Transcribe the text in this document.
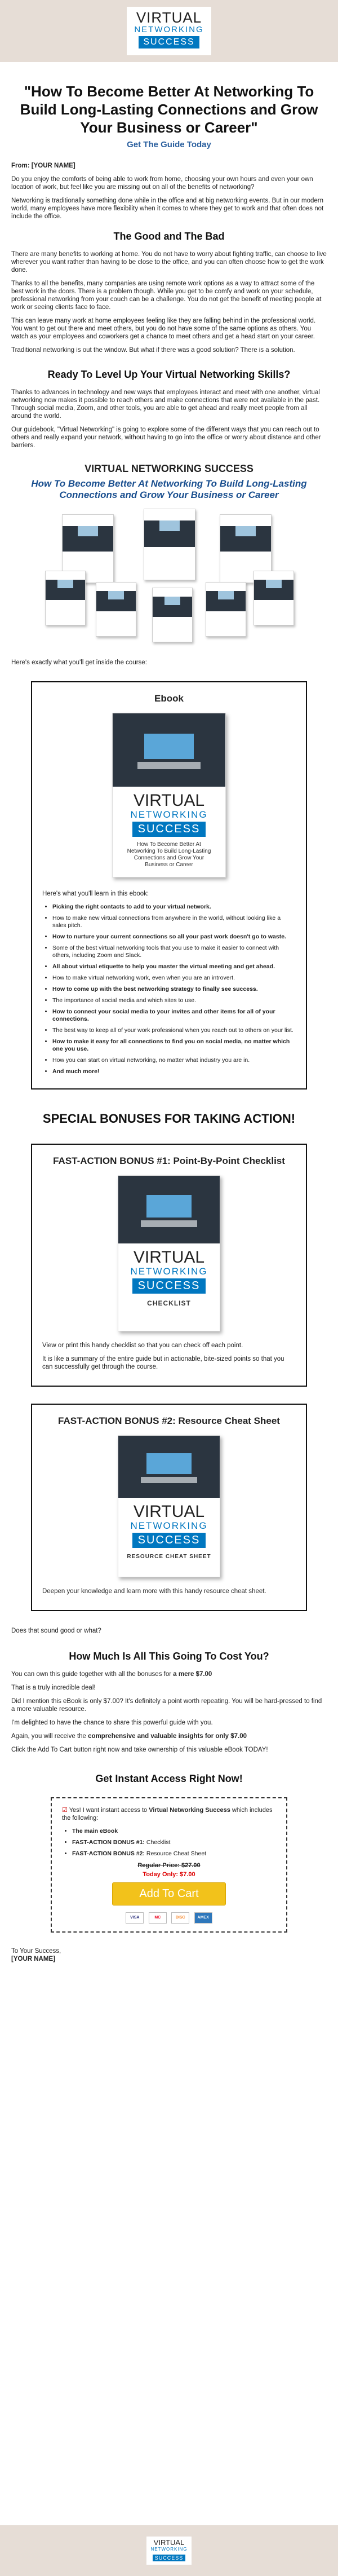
VIRTUAL
NETWORKING
SUCCESS
"How To Become Better At Networking To Build Long-Lasting Connections and Grow Your Business or Career"
Get The Guide Today

From: [YOUR NAME]

Do you enjoy the comforts of being able to work from home, choosing your own hours and even your own location of work, but feel like you are missing out on all of the benefits of networking?

Networking is traditionally something done while in the office and at big networking events. But in our modern world, many employees have more flexibility when it comes to where they get to work and that often does not include the office.

The Good and The Bad

There are many benefits to working at home. You do not have to worry about fighting traffic, can choose to live wherever you want rather than having to be close to the office, and you can often choose how to get the work done.

Thanks to all the benefits, many companies are using remote work options as a way to attract some of the best work in the doors. There is a problem though. While you get to be comfy and work on your schedule, professional networking from your couch can be a challenge. You do not get the benefit of meeting people at work or seeing clients face to face.

This can leave many work at home employees feeling like they are falling behind in the professional world. You want to get out there and meet others, but you do not have some of the same options as others. You watch as your employees and coworkers get a chance to meet others and get a head start on your career.

Traditional networking is out the window. But what if there was a good solution? There is a solution.

Ready To Level Up Your Virtual Networking Skills?

Thanks to advances in technology and new ways that employees interact and meet with one another, virtual networking now makes it possible to reach others and make connections that were not available in the past. Through social media, Zoom, and other tools, you are able to get ahead and really meet people from all around the world.

Our guidebook, "Virtual Networking" is going to explore some of the different ways that you can reach out to others and really expand your network, without having to go into the office or worry about distance and other barriers.

VIRTUAL NETWORKING SUCCESS
How To Become Better At Networking To Build Long-Lasting Connections and Grow Your Business or Career

Here's exactly what you'll get inside the course:

Ebook
VIRTUAL
NETWORKING
SUCCESS
How To Become Better At Networking To Build Long-Lasting Connections and Grow Your Business or Career

Here's what you'll learn in this ebook:

• Picking the right contacts to add to your virtual network.
• How to make new virtual connections from anywhere in the world, without looking like a sales pitch.
• How to nurture your current connections so all your past work doesn't go to waste.
• Some of the best virtual networking tools that you use to make it easier to connect with others, including Zoom and Slack.
• All about virtual etiquette to help you master the virtual meeting and get ahead.
• How to make virtual networking work, even when you are an introvert.
• How to come up with the best networking strategy to finally see success.
• The importance of social media and which sites to use.
• How to connect your social media to your invites and other items for all of your connections.
• The best way to keep all of your work professional when you reach out to others on your list.
• How to make it easy for all connections to find you on social media, no matter which one you use.
• How you can start on virtual networking, no matter what industry you are in.
• And much more!
SPECIAL BONUSES FOR TAKING ACTION!
FAST-ACTION BONUS #1: Point-By-Point Checklist
VIRTUAL
NETWORKING
SUCCESS
CHECKLIST

View or print this handy checklist so that you can check off each point.

It is like a summary of the entire guide but in actionable, bite-sized points so that you can successfully get through the course.

FAST-ACTION BONUS #2: Resource Cheat Sheet
VIRTUAL
NETWORKING
SUCCESS
RESOURCE CHEAT SHEET

Deepen your knowledge and learn more with this handy resource cheat sheet.

Does that sound good or what?

How Much Is All This Going To Cost You?

You can own this guide together with all the bonuses for a mere $7.00

That is a truly incredible deal!

Did I mention this eBook is only $7.00? It's definitely a point worth repeating. You will be hard-pressed to find a more valuable resource.

I'm delighted to have the chance to share this powerful guide with you.

Again, you will receive the comprehensive and valuable insights for only $7.00

Click the Add To Cart button right now and take ownership of this valuable eBook TODAY!

Get Instant Access Right Now!

☑ Yes! I want instant access to Virtual Networking Success which includes the following:

• The main eBook
• FAST-ACTION BONUS #1: Checklist
• FAST-ACTION BONUS #2: Resource Cheat Sheet
Regular Price: $27.00
Today Only: $7.00
Add To Cart
VISA	MC	DISC	AMEX

To Your Success,

[YOUR NAME]

VIRTUAL
NETWORKING
SUCCESS
